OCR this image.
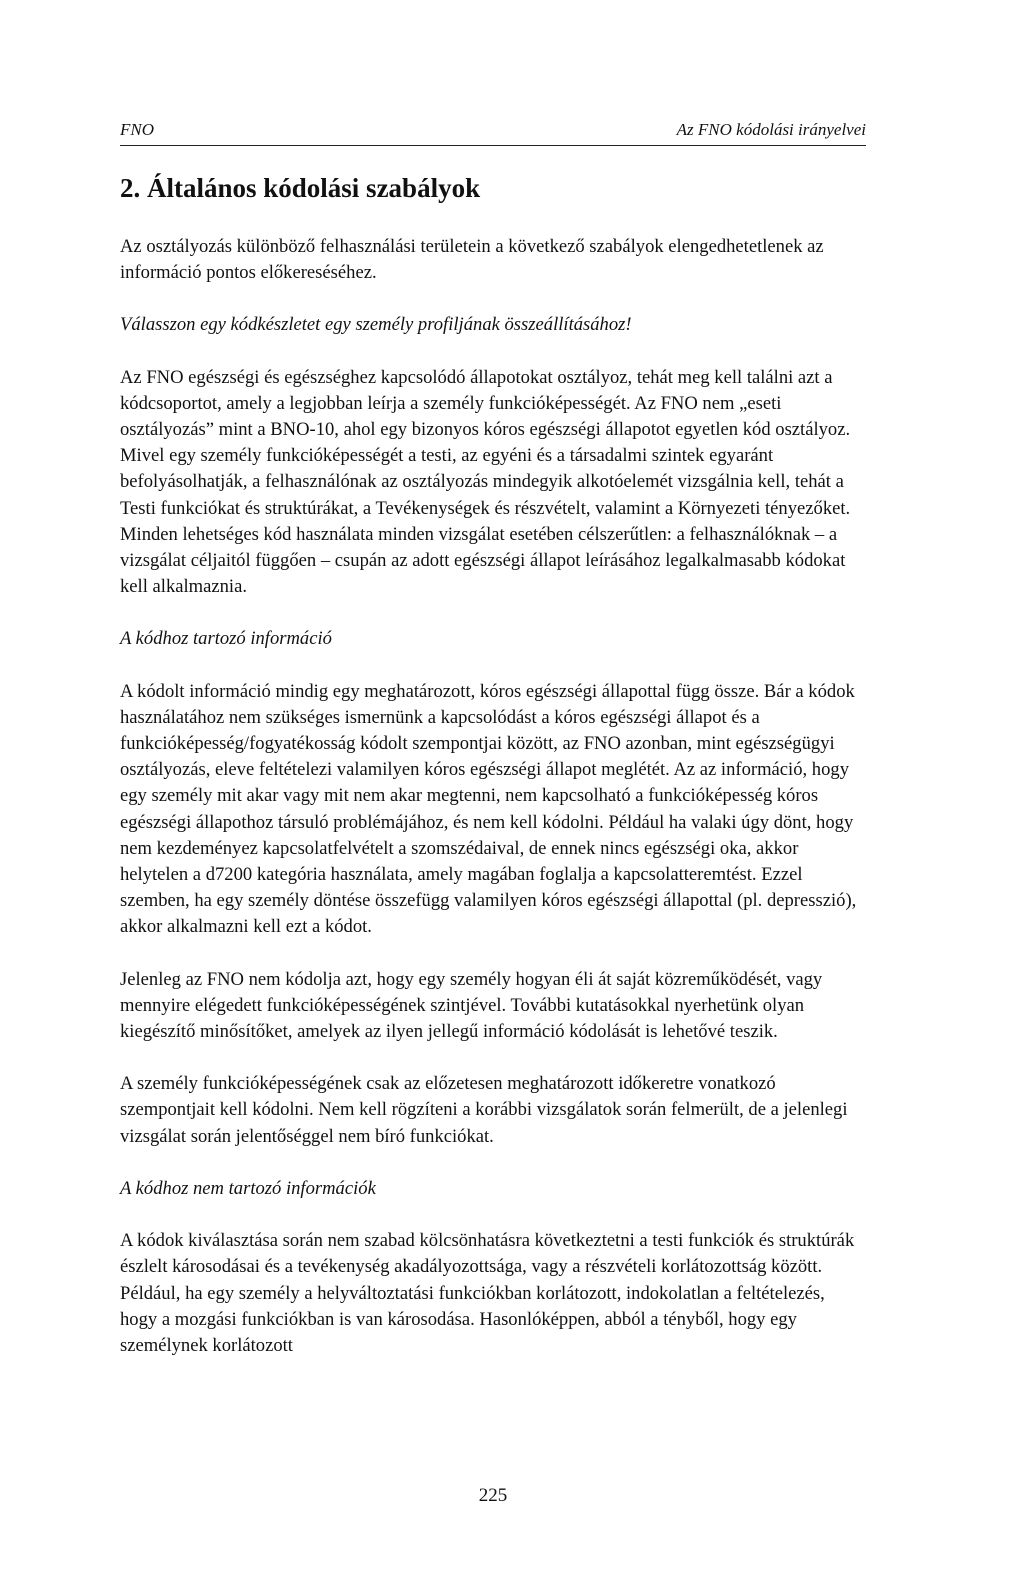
FNO	Az FNO kódolási irányelvei
2. Általános kódolási szabályok

Az osztályozás különböző felhasználási területein a következő szabályok elengedhetetlenek az információ pontos előkereséséhez.

Válasszon egy kódkészletet egy személy profiljának összeállításához!

Az FNO egészségi és egészséghez kapcsolódó állapotokat osztályoz, tehát meg kell találni azt a kódcsoportot, amely a legjobban leírja a személy funkcióképességét. Az FNO nem „eseti osztályozás” mint a BNO-10, ahol egy bizonyos kóros egészségi állapotot egyetlen kód osztályoz. Mivel egy személy funkcióképességét a testi, az egyéni és a társadalmi szintek egyaránt befolyásolhatják, a felhasználónak az osztályozás mindegyik alkotóelemét vizsgálnia kell, tehát a Testi funkciókat és struktúrákat, a Tevékenységek és részvételt, valamint a Környezeti tényezőket. Minden lehetséges kód használata minden vizsgálat esetében célszerűtlen: a felhasználóknak – a vizsgálat céljaitól függően – csupán az adott egészségi állapot leírásához legalkalmasabb kódokat kell alkalmaznia.

A kódhoz tartozó információ

A kódolt információ mindig egy meghatározott, kóros egészségi állapottal függ össze. Bár a kódok használatához nem szükséges ismernünk a kapcsolódást a kóros egészségi állapot és a funkcióképesség/fogyatékosság kódolt szempontjai között, az FNO azonban, mint egészségügyi osztályozás, eleve feltételezi valamilyen kóros egészségi állapot meglétét. Az az információ, hogy egy személy mit akar vagy mit nem akar megtenni, nem kapcsolható a funkcióképesség kóros egészségi állapothoz társuló problémájához, és nem kell kódolni. Például ha valaki úgy dönt, hogy nem kezdeményez kapcsolatfelvételt a szomszédaival, de ennek nincs egészségi oka, akkor helytelen a d7200 kategória használata, amely magában foglalja a kapcsolatteremtést. Ezzel szemben, ha egy személy döntése összefügg valamilyen kóros egészségi állapottal (pl. depresszió), akkor alkalmazni kell ezt a kódot.

Jelenleg az FNO nem kódolja azt, hogy egy személy hogyan éli át saját közreműködését, vagy mennyire elégedett funkcióképességének szintjével. További kutatásokkal nyerhetünk olyan kiegészítő minősítőket, amelyek az ilyen jellegű információ kódolását is lehetővé teszik.

A személy funkcióképességének csak az előzetesen meghatározott időkeretre vonatkozó szempontjait kell kódolni. Nem kell rögzíteni a korábbi vizsgálatok során felmerült, de a jelenlegi vizsgálat során jelentőséggel nem bíró funkciókat.

A kódhoz nem tartozó információk

A kódok kiválasztása során nem szabad kölcsönhatásra következtetni a testi funkciók és struktúrák észlelt károsodásai és a tevékenység akadályozottsága, vagy a részvételi korlátozottság között. Például, ha egy személy a helyváltoztatási funkciókban korlátozott, indokolatlan a feltételezés, hogy a mozgási funkciókban is van károsodása. Hasonlóképpen, abból a tényből, hogy egy személynek korlátozott

225
